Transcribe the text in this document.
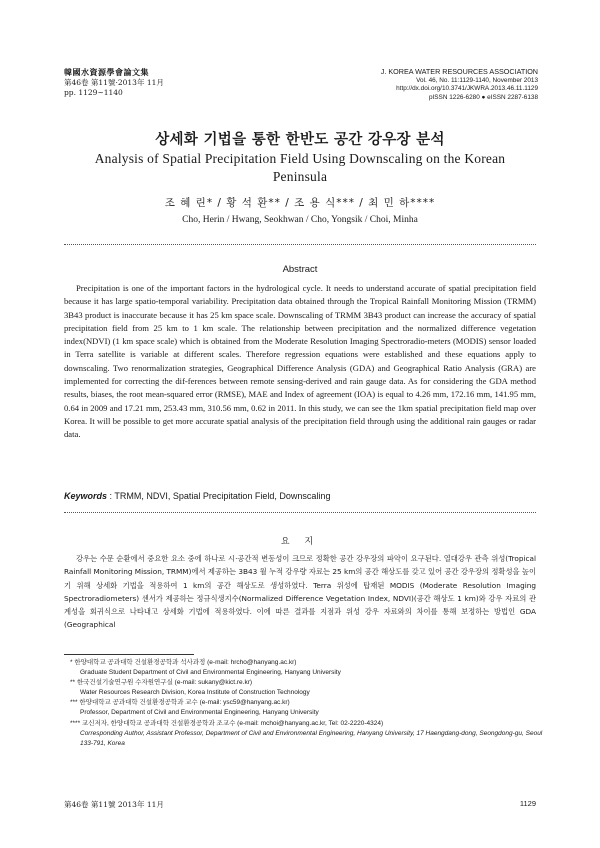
韓國水資源學會論文集
第46卷 第11號·2013年 11月
pp. 1129~1140
J. KOREA WATER RESOURCES ASSOCIATION
Vol. 46, No. 11:1129-1140, November 2013
http://dx.doi.org/10.3741/JKWRA.2013.46.11.1129
pISSN 1226-6280 ● eISSN 2287-6138
상세화 기법을 통한 한반도 공간 강우장 분석
Analysis of Spatial Precipitation Field Using Downscaling on the Korean Peninsula
조 혜 린* / 황 석 환** / 조 용 식*** / 최 민 하****
Cho, Herin / Hwang, Seokhwan / Cho, Yongsik / Choi, Minha
Abstract

Precipitation is one of the important factors in the hydrological cycle. It needs to understand accurate of spatial precipitation field because it has large spatio-temporal variability. Precipitation data obtained through the Tropical Rainfall Monitoring Mission (TRMM) 3B43 product is inaccurate because it has 25 km space scale. Downscaling of TRMM 3B43 product can increase the accuracy of spatial precipitation field from 25 km to 1 km scale. The relationship between precipitation and the normalized difference vegetation index(NDVI) (1 km space scale) which is obtained from the Moderate Resolution Imaging Spectroradio-meters (MODIS) sensor loaded in Terra satellite is variable at different scales. Therefore regression equations were established and these equations apply to downscaling. Two renormalization strategies, Geographical Difference Analysis (GDA) and Geographical Ratio Analysis (GRA) are implemented for correcting the dif-ferences between remote sensing-derived and rain gauge data. As for considering the GDA method results, biases, the root mean-squared error (RMSE), MAE and Index of agreement (IOA) is equal to 4.26 mm, 172.16 mm, 141.95 mm, 0.64 in 2009 and 17.21 mm, 253.43 mm, 310.56 mm, 0.62 in 2011. In this study, we can see the 1km spatial precipitation field map over Korea. It will be possible to get more accurate spatial analysis of the precipitation field through using the additional rain gauges or radar data.

Keywords : TRMM, NDVI, Spatial Precipitation Field, Downscaling
요 지

강우는 수문 순환에서 중요한 요소 중에 하나로 시·공간적 변동성이 크므로 정확한 공간 강우장의 파악이 요구된다. 열대강우 관측 위성(Tropical Rainfall Monitoring Mission, TRMM)에서 제공하는 3B43 월 누적 강우량 자료는 25 km의 공간 해상도를 갖고 있어 공간 강우장의 정확성을 높이기 위해 상세화 기법을 적용하여 1 km의 공간 해상도로 생성하였다. Terra 위성에 탑재된 MODIS (Moderate Resolution Imaging Spectroradiometers) 센서가 제공하는 정규식생지수(Normalized Difference Vegetation Index, NDVI)(공간 해상도 1 km)와 강우 자료의 관계성을 회귀식으로 나타내고 상세화 기법에 적용하였다. 이에 따른 결과를 지점과 위성 강우 자료와의 차이를 통해 보정하는 방법인 GDA (Geographical

* 한양대학교 공과대학 건설환경공학과 석사과정 (e-mail: hrcho@hanyang.ac.kr)

Graduate Student Department of Civil and Environmental Engineering, Hanyang University

** 한국건설기술연구원 수자원연구실 (e-mail: sukany@kict.re.kr)

Water Resources Research Division, Korea Institute of Construction Technology

*** 한양대학교 공과대학 건설환경공학과 교수 (e-mail: ysc59@hanyang.ac.kr)

Professor, Department of Civil and Environmental Engineering, Hanyang University

**** 교신저자, 한양대학교 공과대학 건설환경공학과 조교수 (e-mail: mchoi@hanyang.ac.kr, Tel: 02-2220-4324)

Corresponding Author, Assistant Professor, Department of Civil and Environmental Engineering, Hanyang University, 17 Haengdang-dong, Seongdong-gu, Seoul 133-791, Korea

第46卷 第11號 2013年 11月	1129
